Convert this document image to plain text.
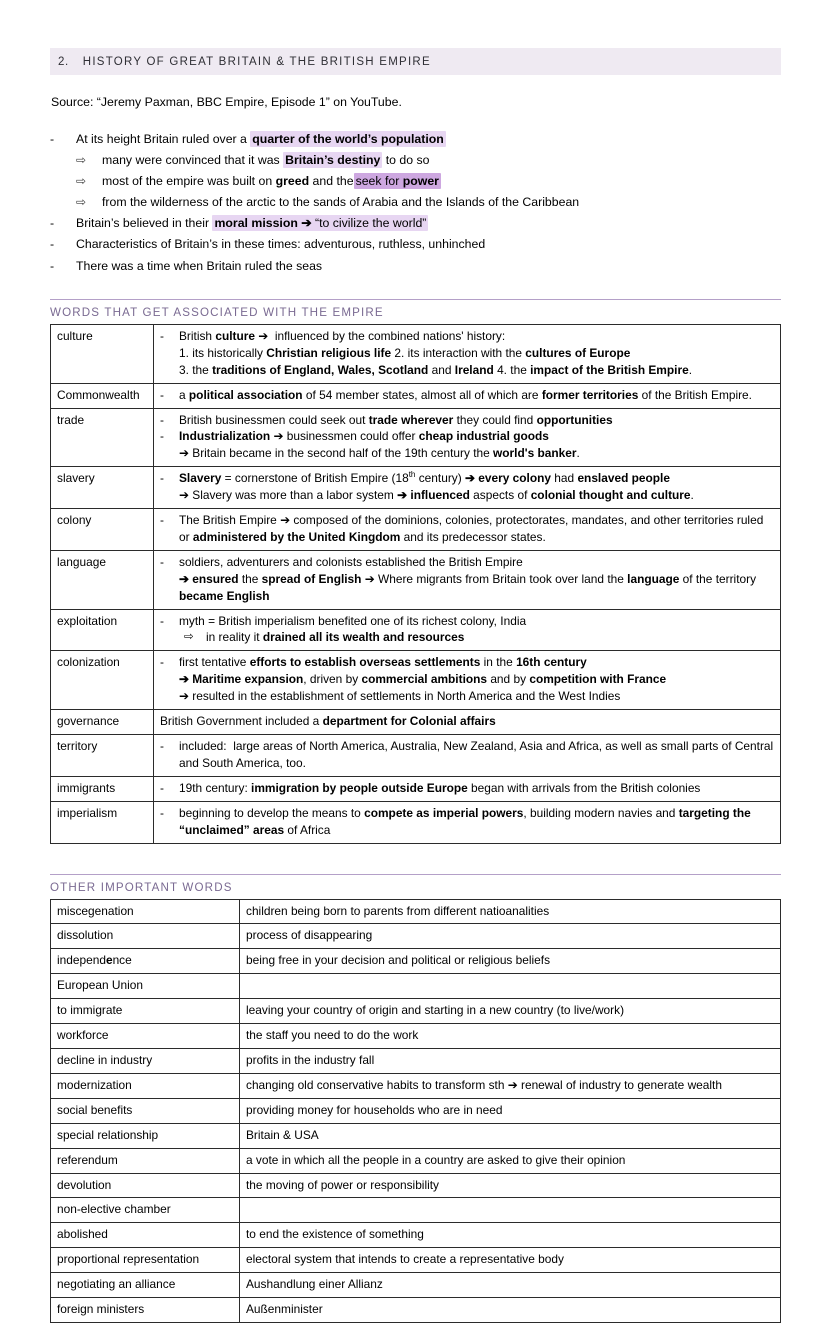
2. HISTORY OF GREAT BRITAIN & THE BRITISH EMPIRE
Source: “Jeremy Paxman, BBC Empire, Episode 1” on YouTube.
-	At its height Britain ruled over a quarter of the world’s population
⇨	many were convinced that it was Britain’s destiny to do so
⇨	most of the empire was built on greed and the seek for power
⇨	from the wilderness of the arctic to the sands of Arabia and the Islands of the Caribbean
-	Britain’s believed in their moral mission ➔ “to civilize the world”
-	Characteristics of Britain’s in these times: adventurous, ruthless, unhinched
-	There was a time when Britain ruled the seas
WORDS THAT GET ASSOCIATED WITH THE EMPIRE
culture	- British culture ➔  influenced by the combined nations' history:
1. its historically Christian religious life 2. its interaction with the cultures of Europe
3. the traditions of England, Wales, Scotland and Ireland 4. the impact of the British Empire.

Commonwealth	- a political association of 54 member states, almost all of which are former territories of the British Empire.

trade	- British businessmen could seek out trade wherever they could find opportunities
- Industrialization ➔ businessmen could offer cheap industrial goods
➔ Britain became in the second half of the 19th century the world's banker.

slavery	- Slavery = cornerstone of British Empire (18th century) ➔ every colony had enslaved people
➔ Slavery was more than a labor system ➔ influenced aspects of colonial thought and culture.

colony	- The British Empire ➔ composed of the dominions, colonies, protectorates, mandates, and other territories ruled or administered by the United Kingdom and its predecessor states.

language	- soldiers, adventurers and colonists established the British Empire
➔ ensured the spread of English ➔ Where migrants from Britain took over land the language of the territory became English

exploitation	- myth = British imperialism benefited one of its richest colony, India
⇨ in reality it drained all its wealth and resources

colonization	- first tentative efforts to establish overseas settlements in the 16th century
➔ Maritime expansion, driven by commercial ambitions and by competition with France
➔ resulted in the establishment of settlements in North America and the West Indies

governance	British Government included a department for Colonial affairs

territory	- included:  large areas of North America, Australia, New Zealand, Asia and Africa, as well as small parts of Central and South America, too.

immigrants	- 19th century: immigration by people outside Europe began with arrivals from the British colonies

imperialism	- beginning to develop the means to compete as imperial powers, building modern navies and targeting the “unclaimed” areas of Africa
OTHER IMPORTANT WORDS
miscegenation	children being born to parents from different natioanalities
dissolution	process of disappearing
independence	being free in your decision and political or religious beliefs
European Union	
to immigrate	leaving your country of origin and starting in a new country (to live/work)
workforce	the staff you need to do the work
decline in industry	profits in the industry fall
modernization	changing old conservative habits to transform sth ➔ renewal of industry to generate wealth
social benefits	providing money for households who are in need
special relationship	Britain & USA
referendum	a vote in which all the people in a country are asked to give their opinion
devolution	the moving of power or responsibility
non-elective chamber	
abolished	to end the existence of something
proportional representation	electoral system that intends to create a representative body
negotiating an alliance	Aushandlung einer Allianz
foreign ministers	Außenminister
